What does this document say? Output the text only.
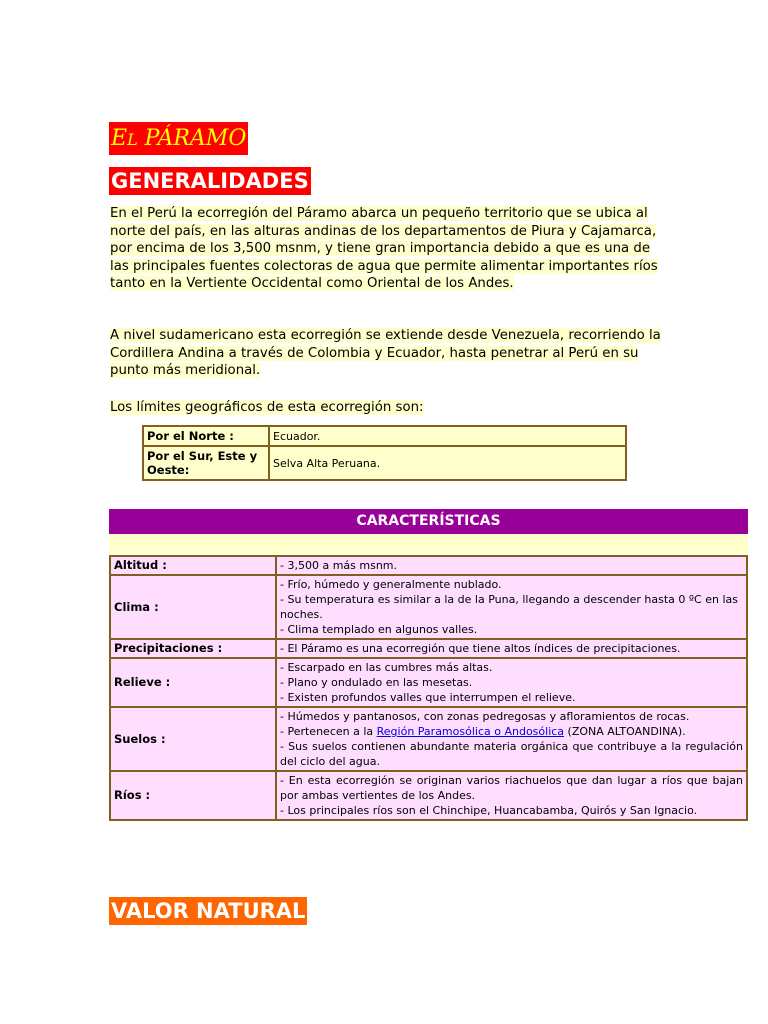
EL PÁRAMO
GENERALIDADES
En el Perú la ecorregión del Páramo abarca un pequeño territorio que se ubica al norte del país, en las alturas andinas de los departamentos de Piura y Cajamarca, por encima de los 3,500 msnm, y tiene gran importancia debido a que es una de las principales fuentes colectoras de agua que permite alimentar importantes ríos tanto en la Vertiente Occidental como Oriental de los Andes.
A nivel sudamericano esta ecorregión se extiende desde Venezuela, recorriendo la Cordillera Andina a través de Colombia y Ecuador, hasta penetrar al Perú en su punto más meridional.
Los límites geográficos de esta ecorregión son:
Por el Norte :	Ecuador.
Por el Sur, Este y Oeste:	Selva Alta Peruana.
CARACTERÍSTICAS
Altitud :	- 3,500 a más msnm.
Clima :	- Frío, húmedo y generalmente nublado.
- Su temperatura es similar a la de la Puna, llegando a descender hasta 0 ºC en las noches.
- Clima templado en algunos valles.
Precipitaciones :	- El Páramo es una ecorregión que tiene altos índices de precipitaciones.
Relieve :	- Escarpado en las cumbres más altas.
- Plano y ondulado en las mesetas.
- Existen profundos valles que interrumpen el relieve.
Suelos :	- Húmedos y pantanosos, con zonas pedregosas y afloramientos de rocas.
- Pertenecen a la Región Paramosólica o Andosólica (ZONA ALTOANDINA).
- Sus suelos contienen abundante materia orgánica que contribuye a la regulación del ciclo del agua.
Ríos :	- En esta ecorregión se originan varios riachuelos que dan lugar a ríos que bajan por ambas vertientes de los Andes.
- Los principales ríos son el Chinchipe, Huancabamba, Quirós y San Ignacio.
VALOR NATURAL
